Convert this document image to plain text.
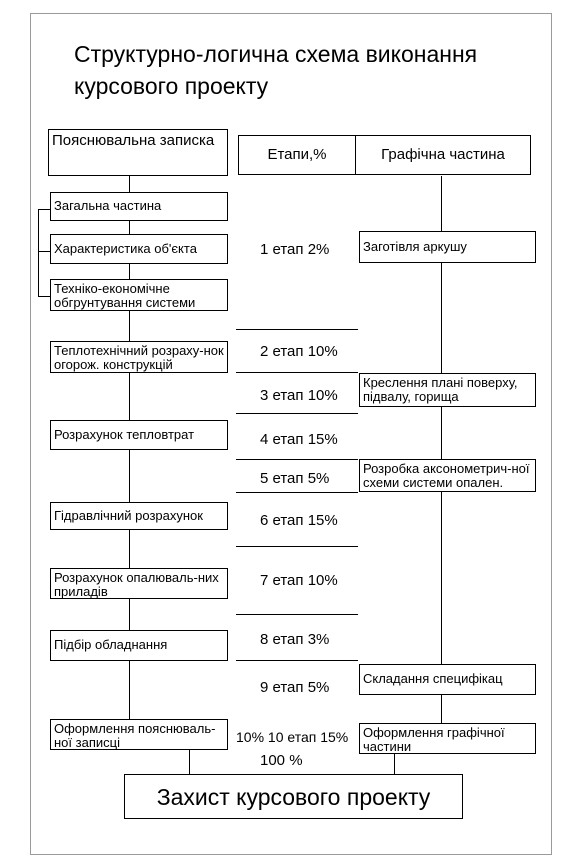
Структурно-логична схема виконання курсового проекту
Пояснювальна записка
Етапи,%	Графічна частина
Загальна частина
Характеристика об'єкта
Техніко-економічне обгрунтування системи
Теплотехнічний розраху-нок огорож. конструкцій
Розрахунок тепловтрат
Гідравлічний розрахунок
Розрахунок опалюваль-них приладів
Підбір обладнання
Оформлення пояснюваль-ної записці
1 етап 2%
2 етап 10%
3 етап 10%
4 етап 15%
5 етап 5%
6 етап 15%
7 етап 10%
8 етап 3%
9 етап 5%
10% 10 етап 15%
100 %
Заготівля аркушу
Креслення плані поверху, підвалу, горища
Розробка аксонометрич-ної схеми системи опален.
Складання специфікац
Оформлення графічної частини
Захист курсового проекту
